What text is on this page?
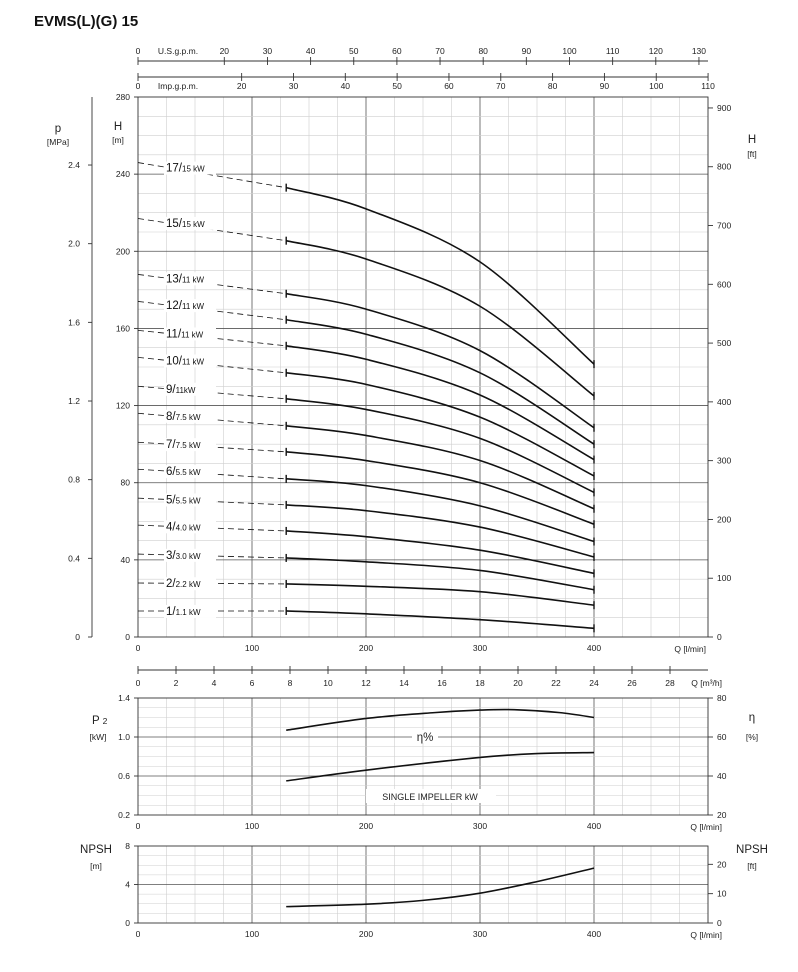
EVMS(L)(G) 15
0	20	30	40	50	60	70	80	90	100	110	120	130
U.S.g.p.m.
0	20	30	40	50	60	70	80	90	100	110
Imp.g.p.m.
0
40
80
120
160
200
240
280
H
[m]
0
0.4
0.8
1.2
1.6
2.0
2.4
p
[MPa]
0
100
200
300
400
500
600
700
800
900
H
[ft]
0	100	200	300	400	Q [l/min]
1/1.1 kW
2/2.2 kW
3/3.0 kW
4/4.0 kW
5/5.5 kW
6/5.5 kW
7/7.5 kW
8/7.5 kW
9/11kW
10/11 kW
11/11 kW
12/11 kW
13/11 kW
15/15 kW
17/15 kW
0	2	4	6	8	10	12	14	16	18	20	22	24	26	28 Q [m³/h]
0.2
0.6
1.0
1.4
P 2
[kW]
20
40
60
80
η
[%]
0	100	200	300	400	Q [l/min]
η%
SINGLE IMPELLER kW
0
4
8
NPSH
[m]
0
10
20
NPSH
[ft]
0	100	200	300	400	Q [l/min]
